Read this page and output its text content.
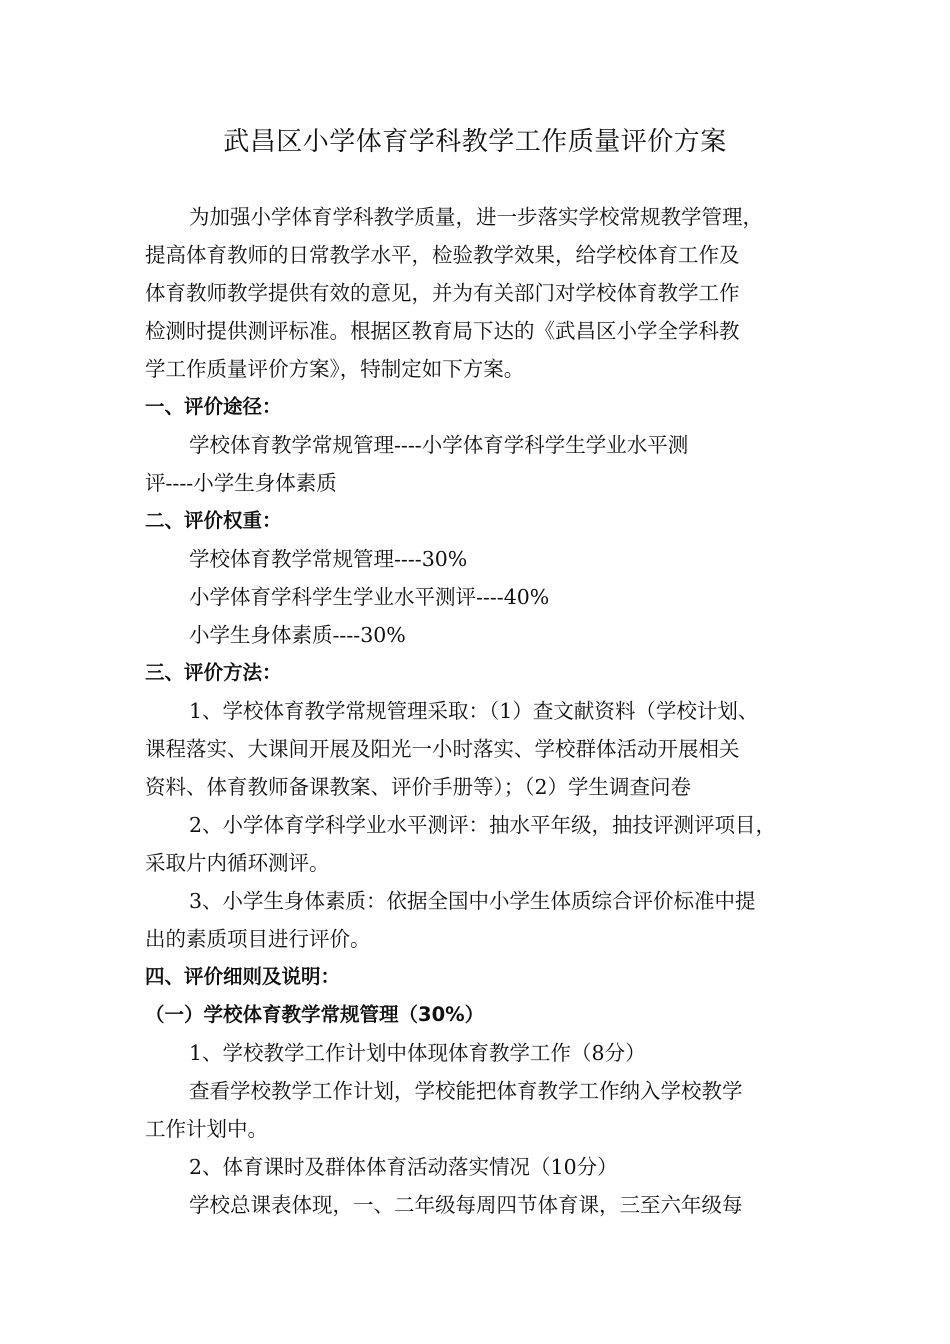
武昌区小学体育学科教学工作质量评价方案
为加强小学体育学科教学质量，进一步落实学校常规教学管理，
提高体育教师的日常教学水平，检验教学效果，给学校体育工作及
体育教师教学提供有效的意见，并为有关部门对学校体育教学工作
检测时提供测评标准。根据区教育局下达的《武昌区小学全学科教
学工作质量评价方案》，特制定如下方案。
一、评价途径：
学校体育教学常规管理----小学体育学科学生学业水平测
评----小学生身体素质
二、评价权重：
学校体育教学常规管理----30%
小学体育学科学生学业水平测评----40%
小学生身体素质----30%
三、评价方法：
1、学校体育教学常规管理采取：（1）查文献资料（学校计划、
课程落实、大课间开展及阳光一小时落实、学校群体活动开展相关
资料、体育教师备课教案、评价手册等）；（2）学生调查问卷
2、小学体育学科学业水平测评：抽水平年级，抽技评测评项目，
采取片内循环测评。
3、小学生身体素质：依据全国中小学生体质综合评价标准中提
出的素质项目进行评价。
四、评价细则及说明：
（一）学校体育教学常规管理（30%）
1、学校教学工作计划中体现体育教学工作（8分）
查看学校教学工作计划，学校能把体育教学工作纳入学校教学
工作计划中。
2、体育课时及群体体育活动落实情况（10分）
学校总课表体现，一、二年级每周四节体育课，三至六年级每
